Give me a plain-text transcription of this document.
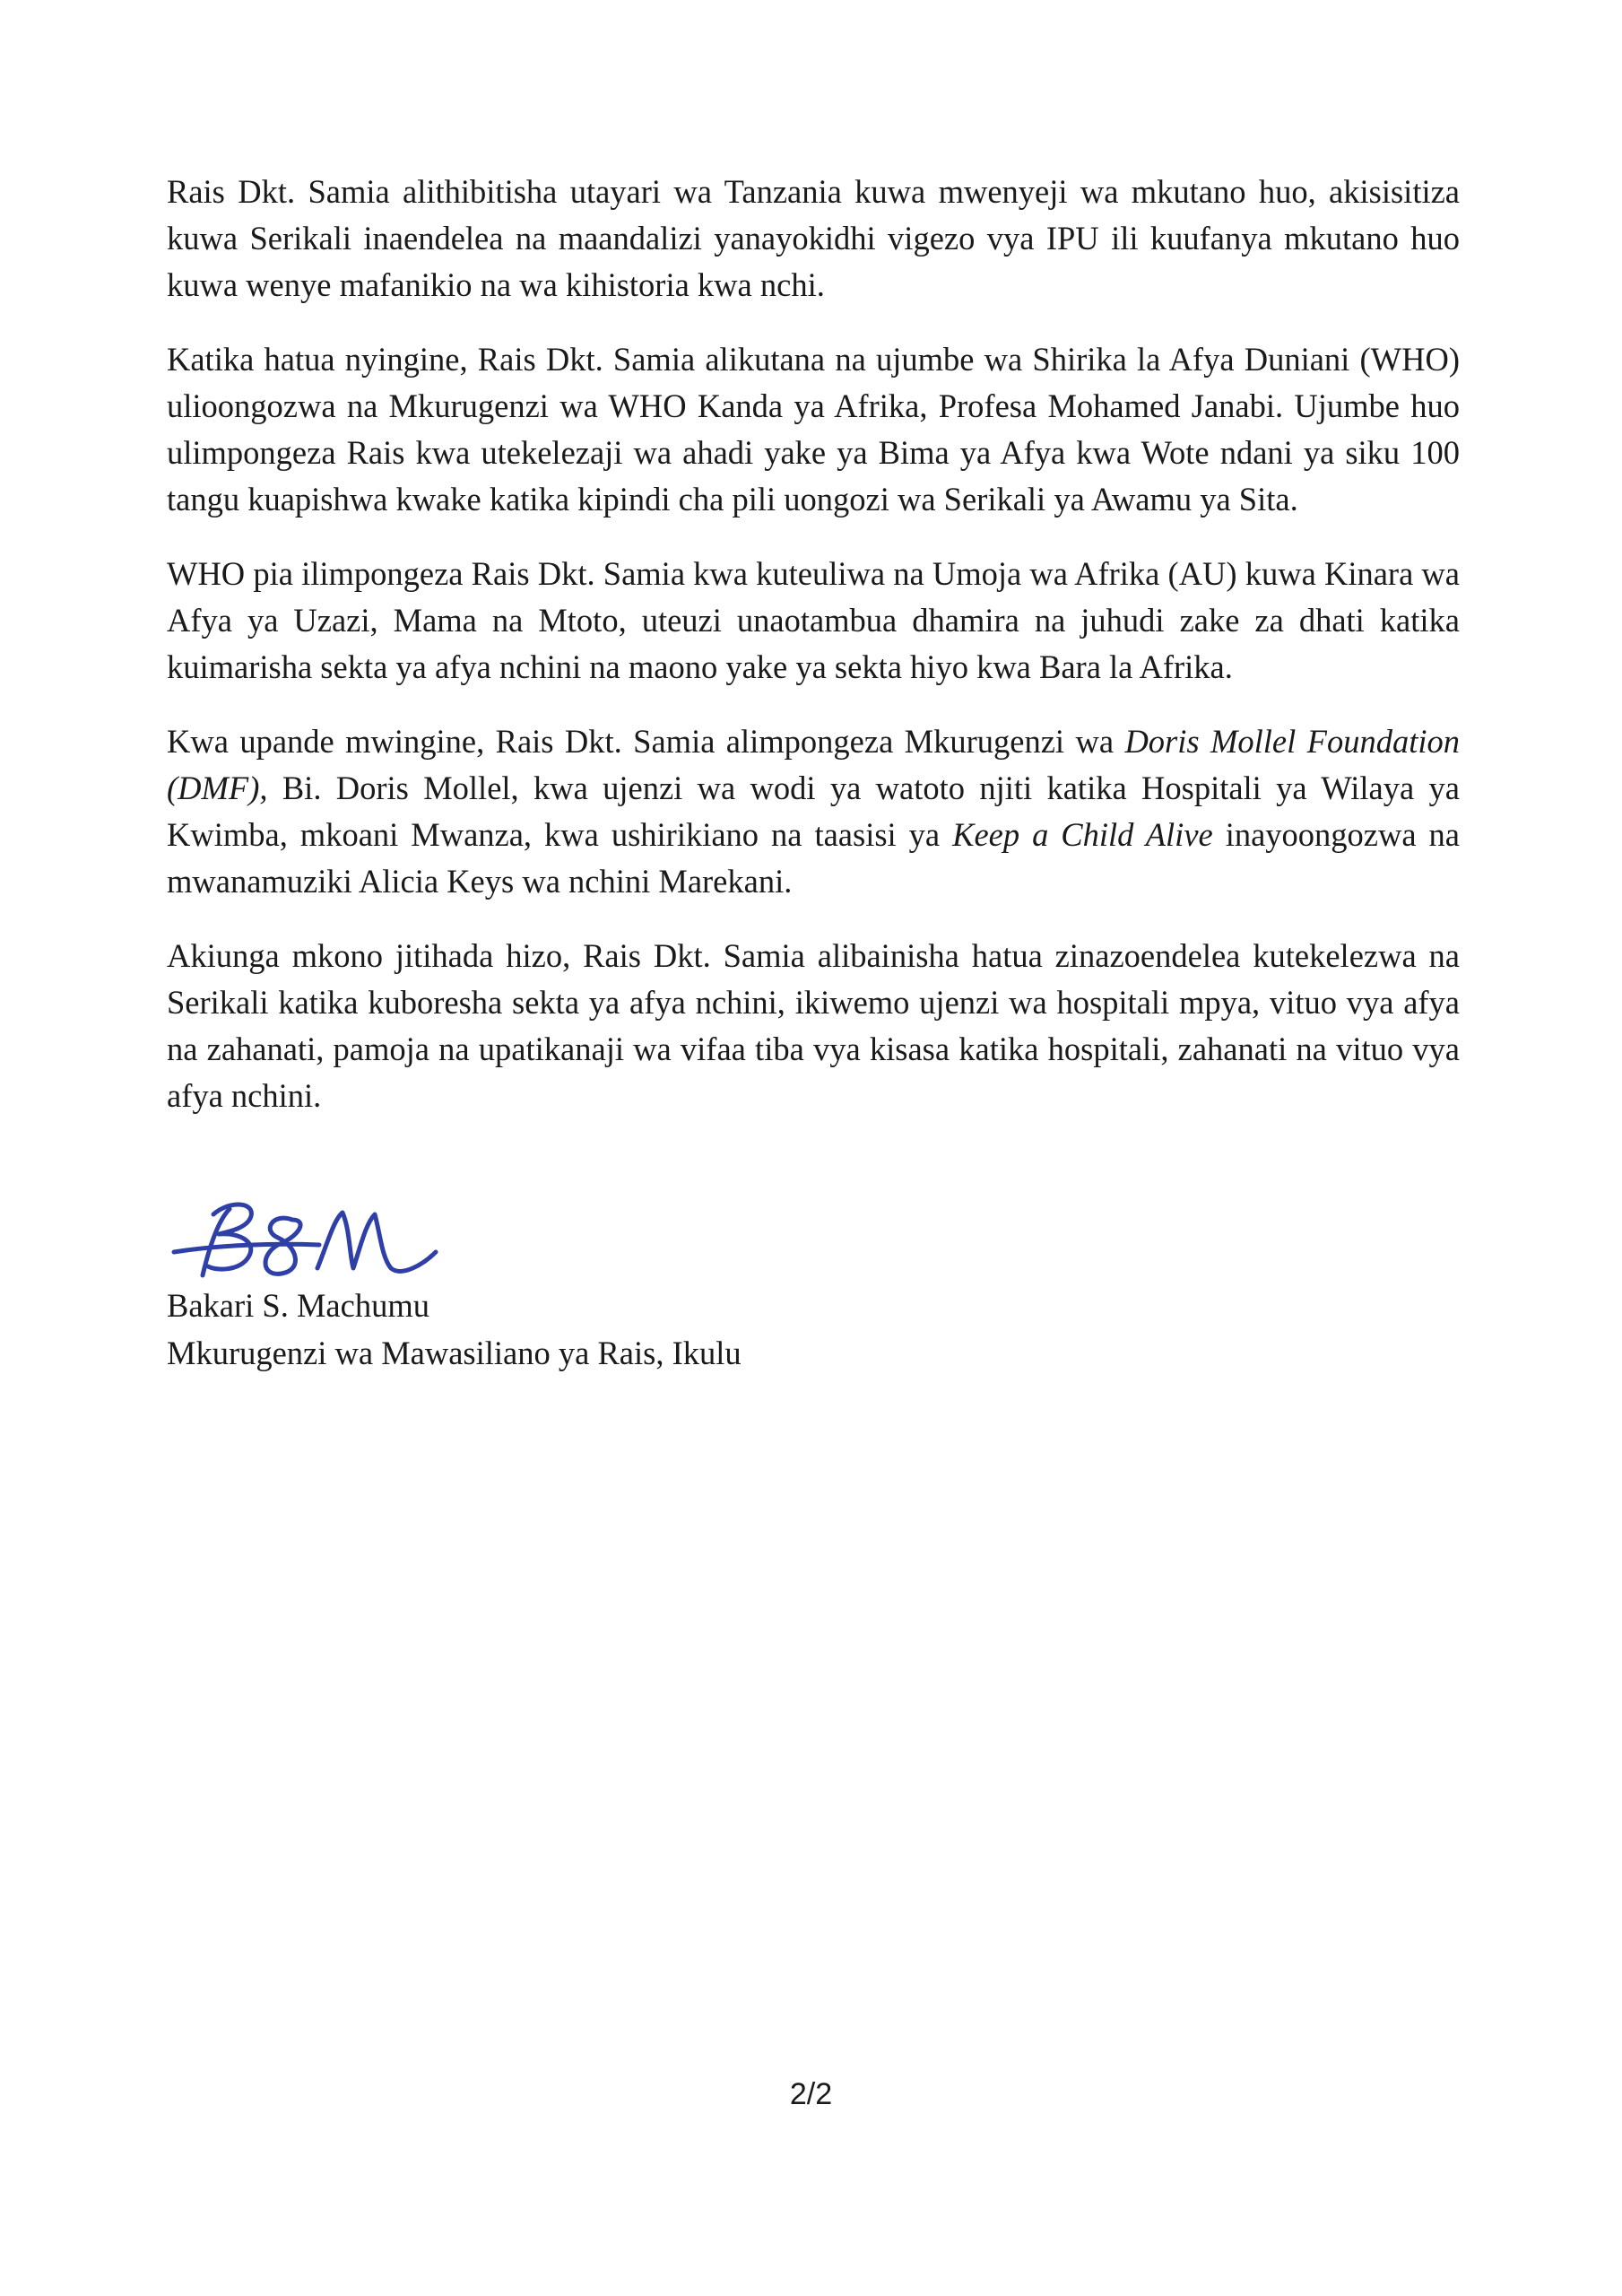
Rais Dkt. Samia alithibitisha utayari wa Tanzania kuwa mwenyeji wa mkutano huo, akisisitiza kuwa Serikali inaendelea na maandalizi yanayokidhi vigezo vya IPU ili kuufanya mkutano huo kuwa wenye mafanikio na wa kihistoria kwa nchi.

Katika hatua nyingine, Rais Dkt. Samia alikutana na ujumbe wa Shirika la Afya Duniani (WHO) ulioongozwa na Mkurugenzi wa WHO Kanda ya Afrika, Profesa Mohamed Janabi. Ujumbe huo ulimpongeza Rais kwa utekelezaji wa ahadi yake ya Bima ya Afya kwa Wote ndani ya siku 100 tangu kuapishwa kwake katika kipindi cha pili uongozi wa Serikali ya Awamu ya Sita.

WHO pia ilimpongeza Rais Dkt. Samia kwa kuteuliwa na Umoja wa Afrika (AU) kuwa Kinara wa Afya ya Uzazi, Mama na Mtoto, uteuzi unaotambua dhamira na juhudi zake za dhati katika kuimarisha sekta ya afya nchini na maono yake ya sekta hiyo kwa Bara la Afrika.

Kwa upande mwingine, Rais Dkt. Samia alimpongeza Mkurugenzi wa Doris Mollel Foundation (DMF), Bi. Doris Mollel, kwa ujenzi wa wodi ya watoto njiti katika Hospitali ya Wilaya ya Kwimba, mkoani Mwanza, kwa ushirikiano na taasisi ya Keep a Child Alive inayoongozwa na mwanamuziki Alicia Keys wa nchini Marekani.

Akiunga mkono jitihada hizo, Rais Dkt. Samia alibainisha hatua zinazoendelea kutekelezwa na Serikali katika kuboresha sekta ya afya nchini, ikiwemo ujenzi wa hospitali mpya, vituo vya afya na zahanati, pamoja na upatikanaji wa vifaa tiba vya kisasa katika hospitali, zahanati na vituo vya afya nchini.

Bakari S. Machumu
Mkurugenzi wa Mawasiliano ya Rais, Ikulu
2/2
